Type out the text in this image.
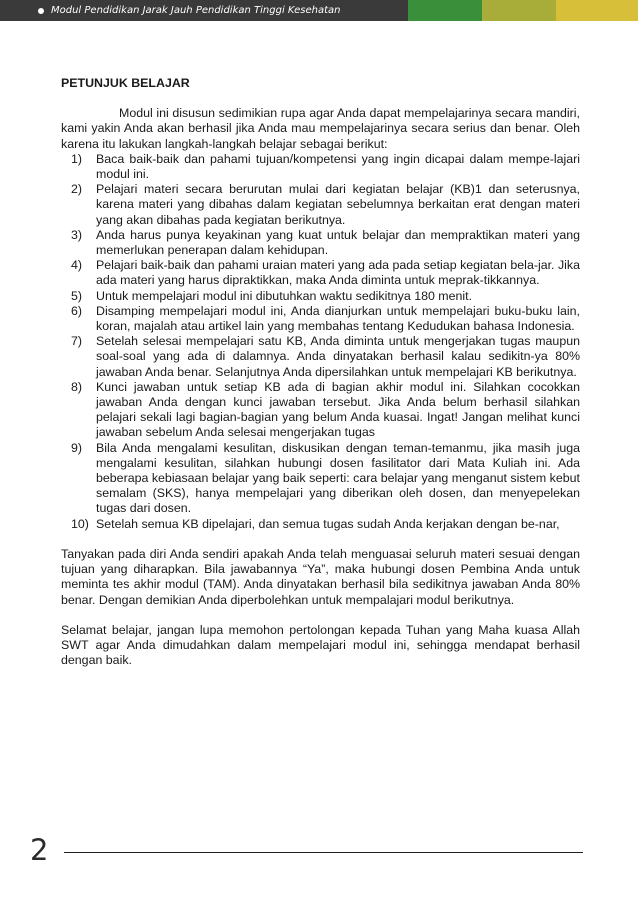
Modul Pendidikan Jarak Jauh Pendidikan Tinggi Kesehatan
PETUNJUK BELAJAR

Modul ini disusun sedimikian rupa agar Anda dapat mempelajarinya secara mandiri, kami yakin Anda akan berhasil jika Anda mau mempelajarinya secara serius dan benar. Oleh karena itu lakukan langkah-langkah belajar sebagai berikut:

1)	Baca baik-baik dan pahami tujuan/kompetensi yang ingin dicapai dalam mempe-lajari modul ini.
2)	Pelajari materi secara berurutan mulai dari kegiatan belajar (KB)1 dan seterusnya, karena materi yang dibahas dalam kegiatan sebelumnya berkaitan erat dengan materi yang akan dibahas pada kegiatan berikutnya.
3)	Anda harus punya keyakinan yang kuat untuk belajar dan mempraktikan materi yang memerlukan penerapan dalam kehidupan.
4)	Pelajari baik-baik dan pahami uraian materi yang ada pada setiap kegiatan bela-jar. Jika ada materi yang harus dipraktikkan, maka Anda diminta untuk meprak-tikkannya.
5)	Untuk mempelajari modul ini dibutuhkan waktu sedikitnya 180 menit.
6)	Disamping mempelajari modul ini, Anda dianjurkan untuk mempelajari buku-buku lain, koran, majalah atau artikel lain yang membahas tentang Kedudukan bahasa Indonesia.
7)	Setelah selesai mempelajari satu KB, Anda diminta untuk mengerjakan tugas maupun soal-soal yang ada di dalamnya. Anda dinyatakan berhasil kalau sedikitn-ya 80% jawaban Anda benar. Selanjutnya Anda dipersilahkan untuk mempelajari KB berikutnya.
8)	Kunci jawaban untuk setiap KB ada di bagian akhir modul ini. Silahkan cocokkan jawaban Anda dengan kunci jawaban tersebut. Jika Anda belum berhasil silahkan pelajari sekali lagi bagian-bagian yang belum Anda kuasai. Ingat! Jangan melihat kunci jawaban sebelum Anda selesai mengerjakan tugas
9)	Bila Anda mengalami kesulitan, diskusikan dengan teman-temanmu, jika masih juga mengalami kesulitan, silahkan hubungi dosen fasilitator dari Mata Kuliah ini. Ada beberapa kebiasaan belajar yang baik seperti: cara belajar yang menganut sistem kebut semalam (SKS), hanya mempelajari yang diberikan oleh dosen, dan menyepelekan tugas dari dosen.
10) Setelah semua KB dipelajari, dan semua tugas sudah Anda kerjakan dengan be-nar,

Tanyakan pada diri Anda sendiri apakah Anda telah menguasai seluruh materi sesuai dengan tujuan yang diharapkan. Bila jawabannya “Ya”, maka hubungi dosen Pembina Anda untuk meminta tes akhir modul (TAM). Anda dinyatakan berhasil bila sedikitnya jawaban Anda 80% benar. Dengan demikian Anda diperbolehkan untuk mempalajari modul berikutnya.

Selamat belajar, jangan lupa memohon pertolongan kepada Tuhan yang Maha kuasa Allah SWT agar Anda dimudahkan dalam mempelajari modul ini, sehingga mendapat berhasil dengan baik.

2
